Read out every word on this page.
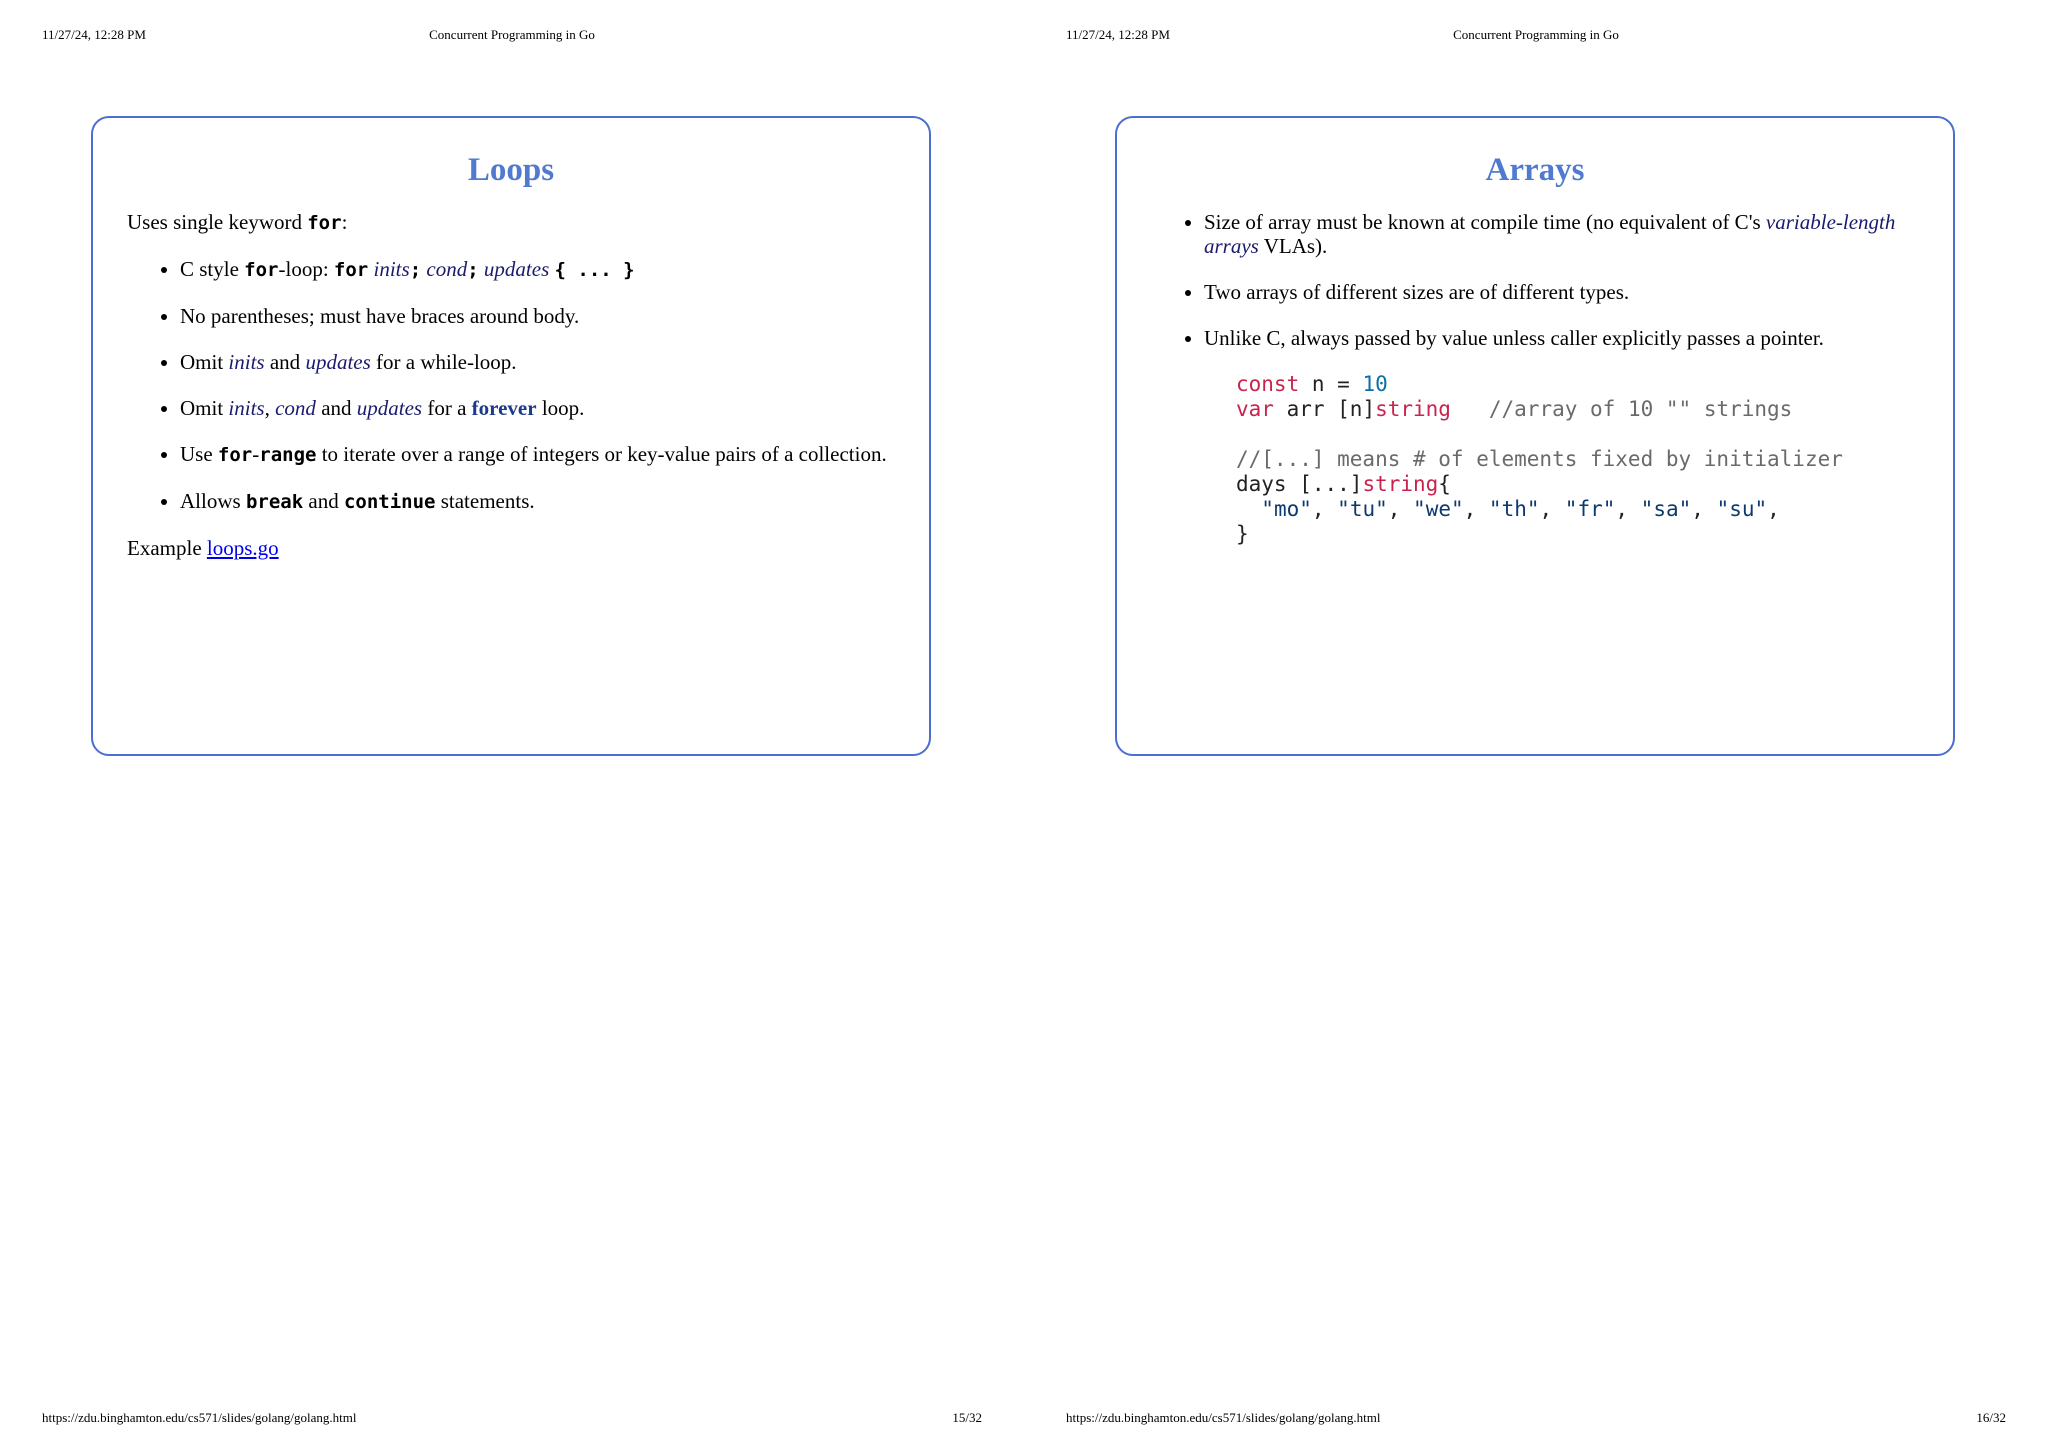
11/27/24, 12:28 PM	Concurrent Programming in Go
Loops

Uses single keyword for:

• C style for-loop: for inits; cond; updates { ... }
• No parentheses; must have braces around body.
• Omit inits and updates for a while-loop.
• Omit inits, cond and updates for a forever loop.
• Use for-range to iterate over a range of integers or key-value pairs of a collection.
• Allows break and continue statements.

Example loops.go

https://zdu.binghamton.edu/cs571/slides/golang/golang.html	15/32
11/27/24, 12:28 PM	Concurrent Programming in Go
Arrays
• Size of array must be known at compile time (no equivalent of C's variable-length arrays VLAs).
• Two arrays of different sizes are of different types.
• Unlike C, always passed by value unless caller explicitly passes a pointer.
const n = 10
var arr [n]string   //array of 10 "" strings

//[...] means # of elements fixed by initializer
days [...]string{
"mo", "tu", "we", "th", "fr", "sa", "su",
}
https://zdu.binghamton.edu/cs571/slides/golang/golang.html	16/32
